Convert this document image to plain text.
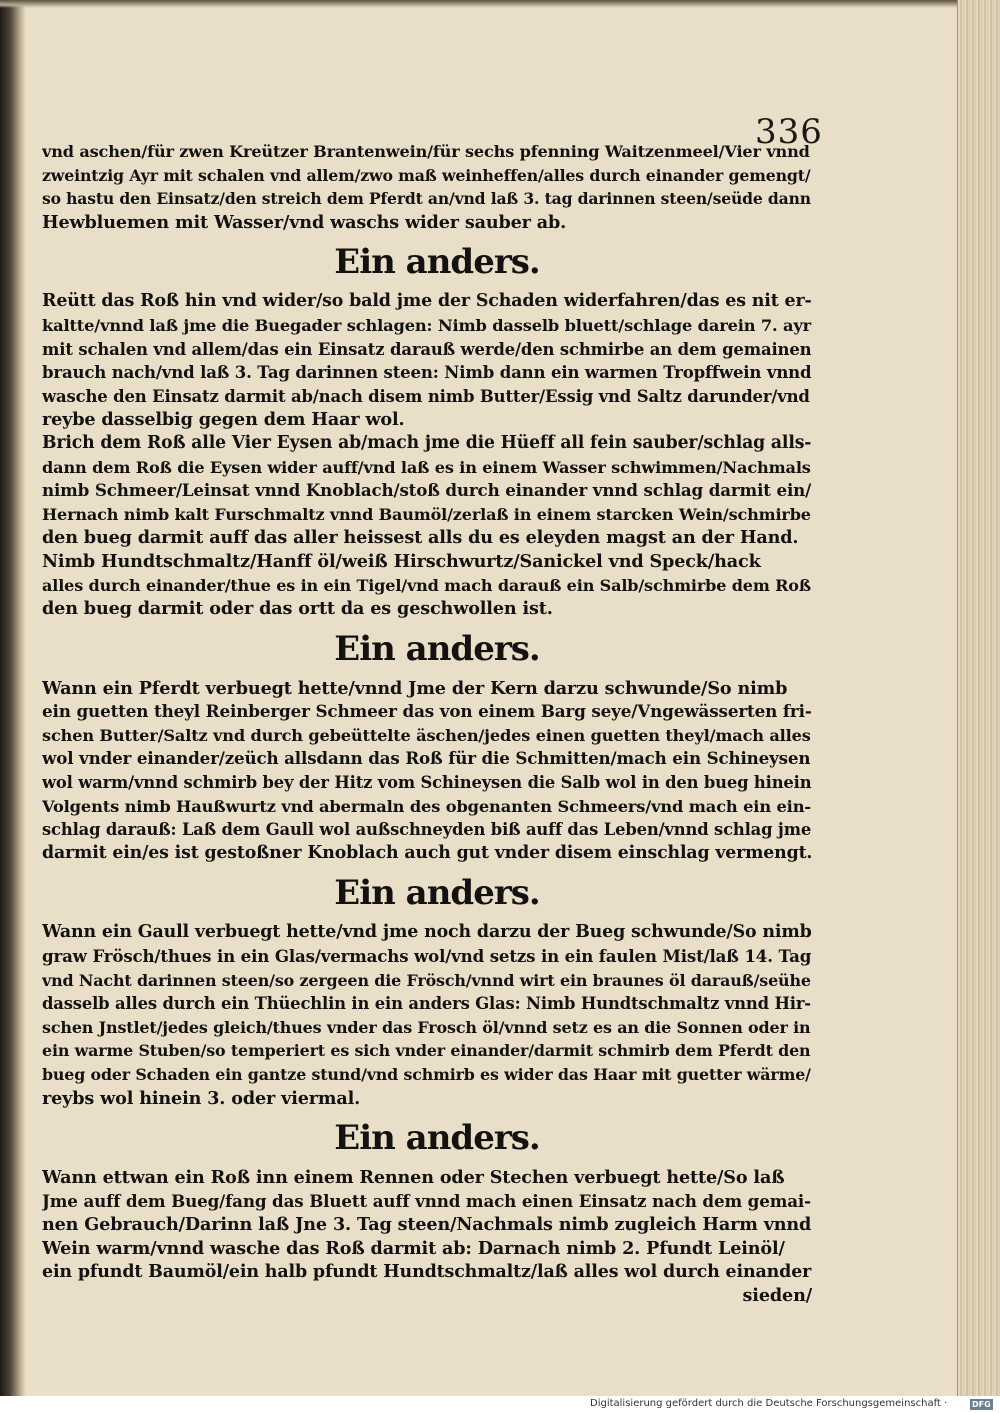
336
vnd aschen/für zwen Kreützer Brantenwein/für sechs pfenning Waitzenmeel/Vier vnnd
zweintzig Ayr mit schalen vnd allem/zwo maß weinheffen/alles durch einander gemengt/
so hastu den Einsatz/den streich dem Pferdt an/vnd laß 3. tag darinnen steen/seüde dann
Hewbluemen mit Wasser/vnd waschs wider sauber ab.
Ein anders.
Reütt das Roß hin vnd wider/so bald jme der Schaden widerfahren/das es nit er-
kaltte/vnnd laß jme die Buegader schlagen: Nimb dasselb bluett/schlage darein 7. ayr
mit schalen vnd allem/das ein Einsatz darauß werde/den schmirbe an dem gemainen
brauch nach/vnd laß 3. Tag darinnen steen: Nimb dann ein warmen Tropffwein vnnd
wasche den Einsatz darmit ab/nach disem nimb Butter/Essig vnd Saltz darunder/vnd
reybe dasselbig gegen dem Haar wol.
Brich dem Roß alle Vier Eysen ab/mach jme die Hüeff all fein sauber/schlag alls-
dann dem Roß die Eysen wider auff/vnd laß es in einem Wasser schwimmen/Nachmals
nimb Schmeer/Leinsat vnnd Knoblach/stoß durch einander vnnd schlag darmit ein/
Hernach nimb kalt Furschmaltz vnnd Baumöl/zerlaß in einem starcken Wein/schmirbe
den bueg darmit auff das aller heissest alls du es eleyden magst an der Hand.
Nimb Hundtschmaltz/Hanff öl/weiß Hirschwurtz/Sanickel vnd Speck/hack
alles durch einander/thue es in ein Tigel/vnd mach darauß ein Salb/schmirbe dem Roß
den bueg darmit oder das ortt da es geschwollen ist.
Ein anders.
Wann ein Pferdt verbuegt hette/vnnd Jme der Kern darzu schwunde/So nimb
ein guetten theyl Reinberger Schmeer das von einem Barg seye/Vngewässerten fri-
schen Butter/Saltz vnd durch gebeüttelte äschen/jedes einen guetten theyl/mach alles
wol vnder einander/zeüch allsdann das Roß für die Schmitten/mach ein Schineysen
wol warm/vnnd schmirb bey der Hitz vom Schineysen die Salb wol in den bueg hinein
Volgents nimb Haußwurtz vnd abermaln des obgenanten Schmeers/vnd mach ein ein-
schlag darauß: Laß dem Gaull wol außschneyden biß auff das Leben/vnnd schlag jme
darmit ein/es ist gestoßner Knoblach auch gut vnder disem einschlag vermengt.
Ein anders.
Wann ein Gaull verbuegt hette/vnd jme noch darzu der Bueg schwunde/So nimb
graw Frösch/thues in ein Glas/vermachs wol/vnd setzs in ein faulen Mist/laß 14. Tag
vnd Nacht darinnen steen/so zergeen die Frösch/vnnd wirt ein braunes öl darauß/seühe
dasselb alles durch ein Thüechlin in ein anders Glas: Nimb Hundtschmaltz vnnd Hir-
schen Jnstlet/jedes gleich/thues vnder das Frosch öl/vnnd setz es an die Sonnen oder in
ein warme Stuben/so temperiert es sich vnder einander/darmit schmirb dem Pferdt den
bueg oder Schaden ein gantze stund/vnd schmirb es wider das Haar mit guetter wärme/
reybs wol hinein 3. oder viermal.
Ein anders.
Wann ettwan ein Roß inn einem Rennen oder Stechen verbuegt hette/So laß
Jme auff dem Bueg/fang das Bluett auff vnnd mach einen Einsatz nach dem gemai-
nen Gebrauch/Darinn laß Jne 3. Tag steen/Nachmals nimb zugleich Harm vnnd
Wein warm/vnnd wasche das Roß darmit ab: Darnach nimb 2. Pfundt Leinöl/
ein pfundt Baumöl/ein halb pfundt Hundtschmaltz/laß alles wol durch einander
sieden/
Digitalisierung gefördert durch die Deutsche Forschungsgemeinschaft ·	DFG
